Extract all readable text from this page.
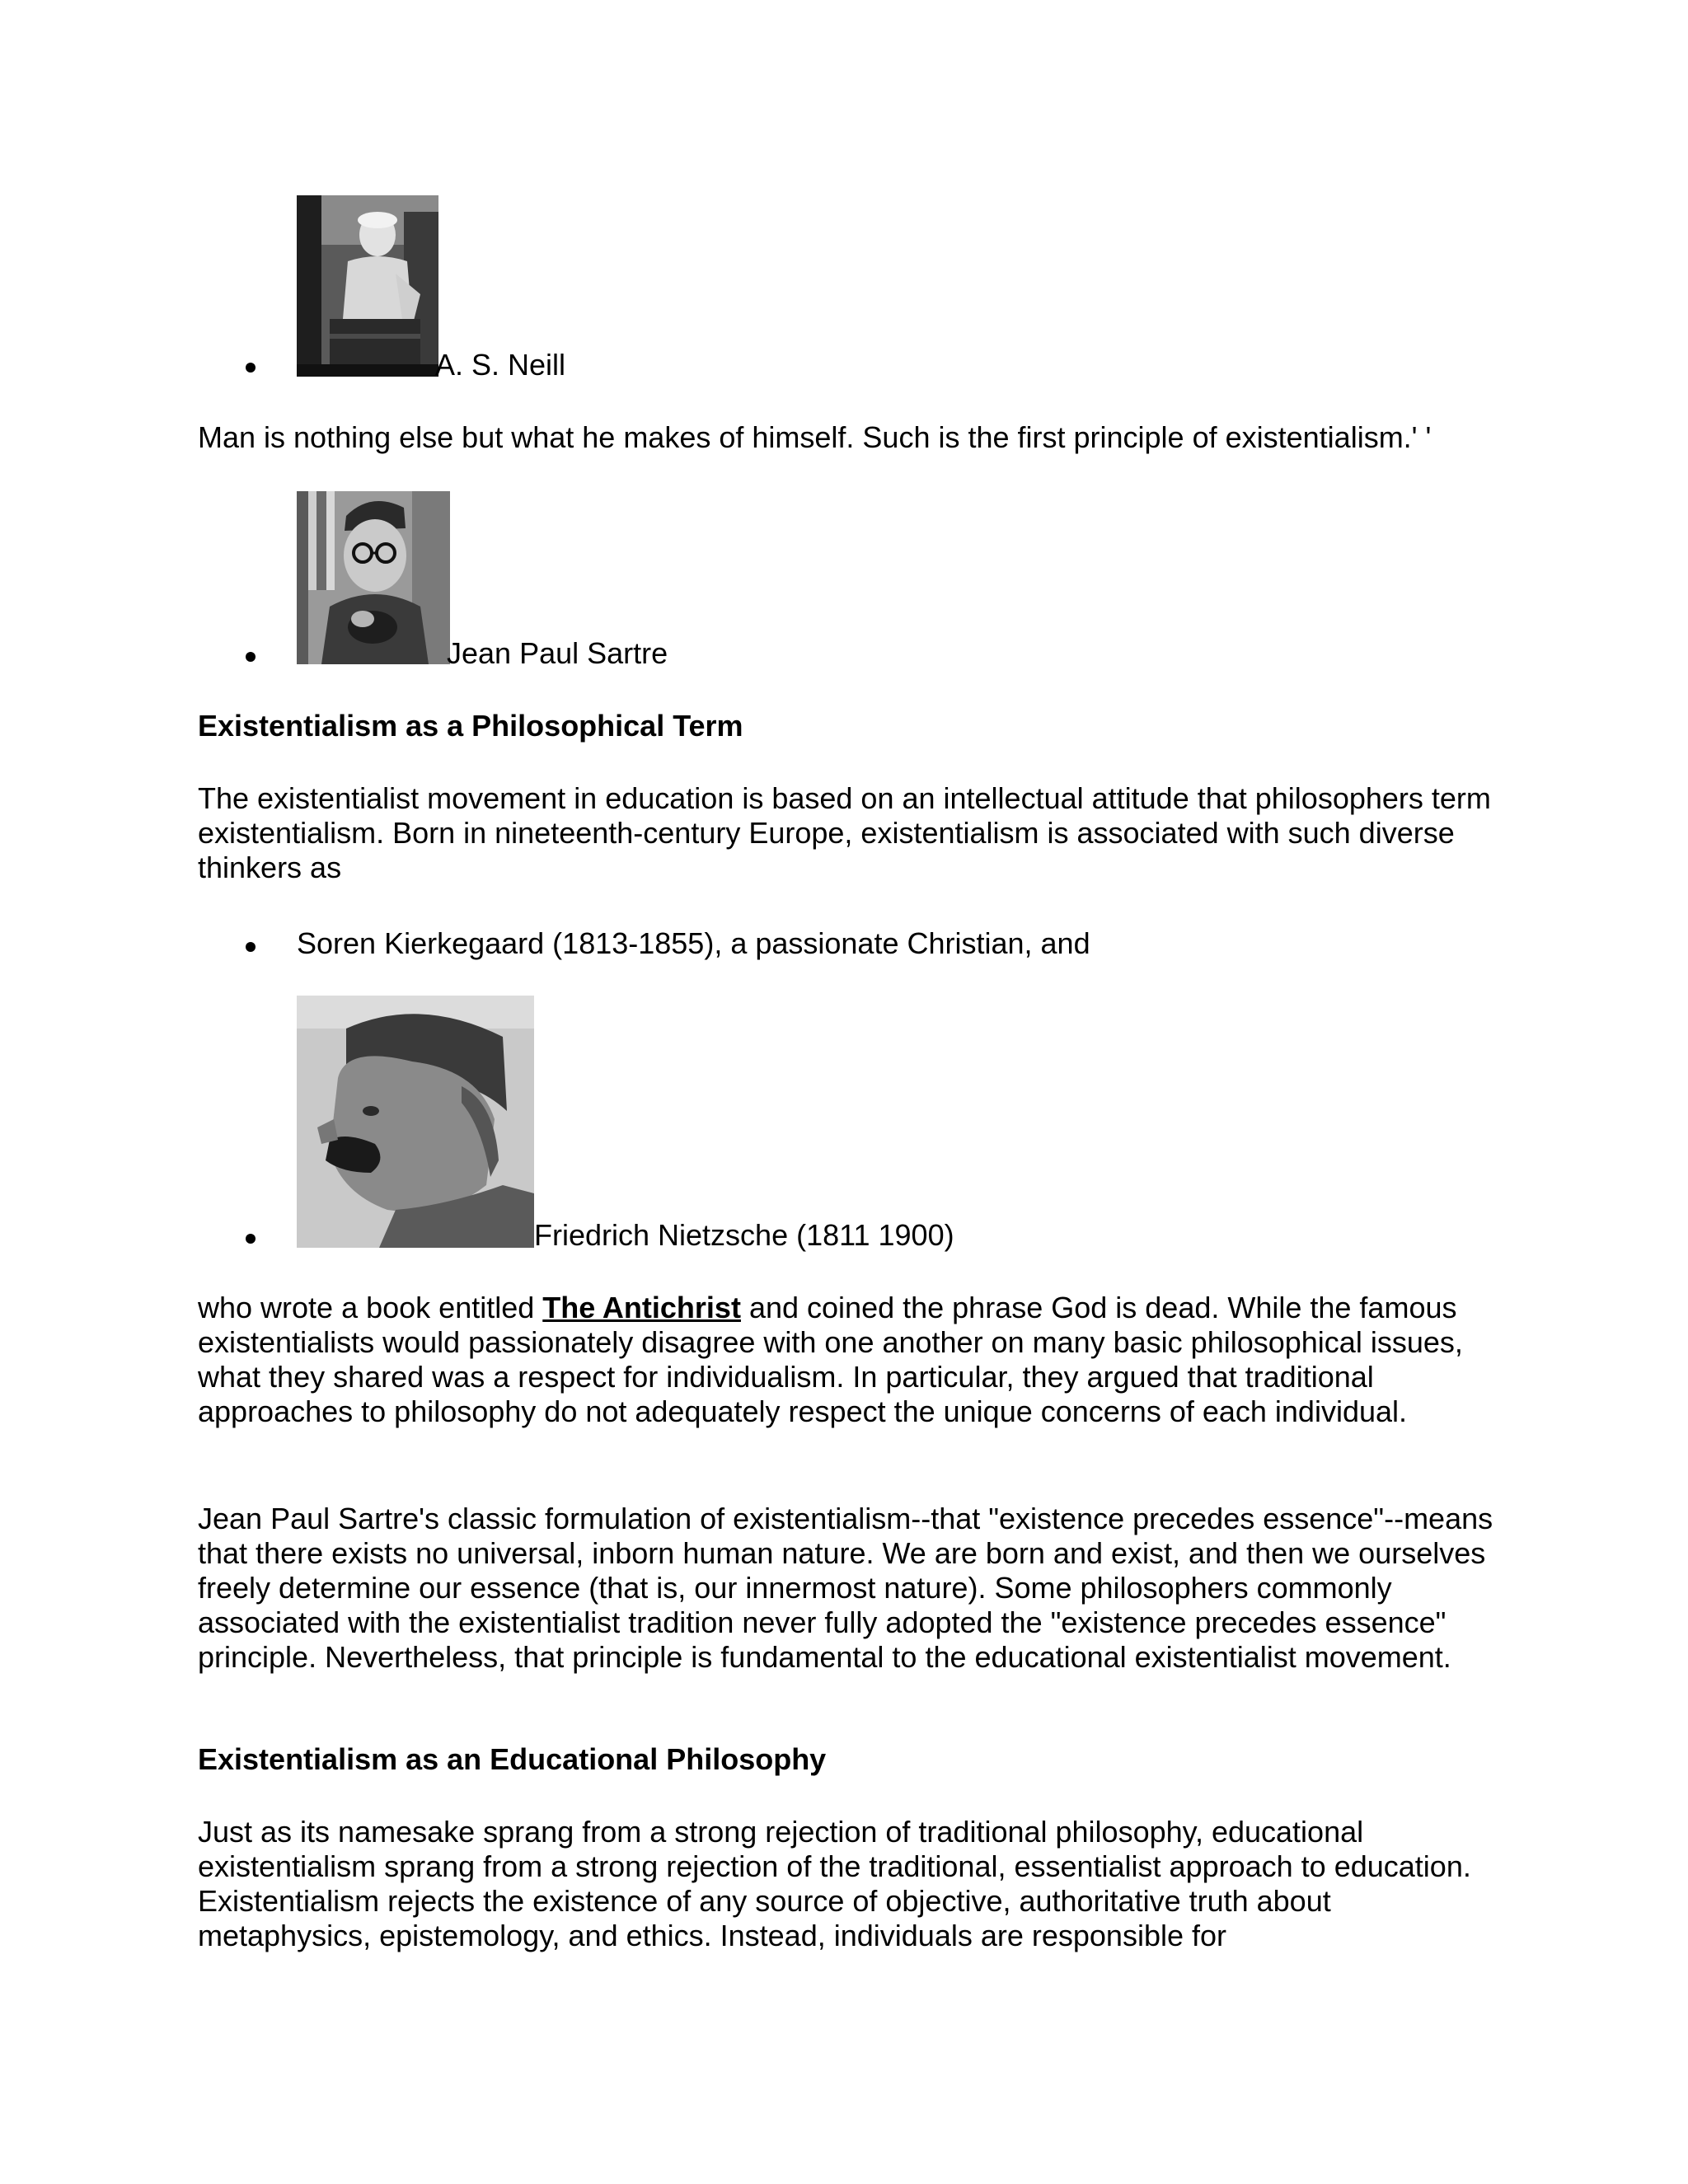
A. S. Neill
Man is nothing else but what he makes of himself. Such is the first principle of existentialism.' '
Jean Paul Sartre
Existentialism as a Philosophical Term
The existentialist movement in education is based on an intellectual attitude that philosophers term existentialism. Born in nineteenth-century Europe, existentialism is associated with such diverse thinkers as
Soren Kierkegaard (1813-1855), a passionate Christian, and
Friedrich Nietzsche (1811 1900)
who wrote a book entitled The Antichrist and coined the phrase God is dead. While the famous existentialists would passionately disagree with one another on many basic philosophical issues, what they shared was a respect for individualism. In particular, they argued that traditional approaches to philosophy do not adequately respect the unique concerns of each individual.
Jean Paul Sartre's classic formulation of existentialism--that "existence precedes essence"--means that there exists no universal, inborn human nature. We are born and exist, and then we ourselves freely determine our essence (that is, our innermost nature). Some philosophers commonly associated with the existentialist tradition never fully adopted the "existence precedes essence" principle. Nevertheless, that principle is fundamental to the educational existentialist movement.
Existentialism as an Educational Philosophy
Just as its namesake sprang from a strong rejection of traditional philosophy, educational existentialism sprang from a strong rejection of the traditional, essentialist approach to education. Existentialism rejects the existence of any source of objective, authoritative truth about metaphysics, epistemology, and ethics. Instead, individuals are responsible for
